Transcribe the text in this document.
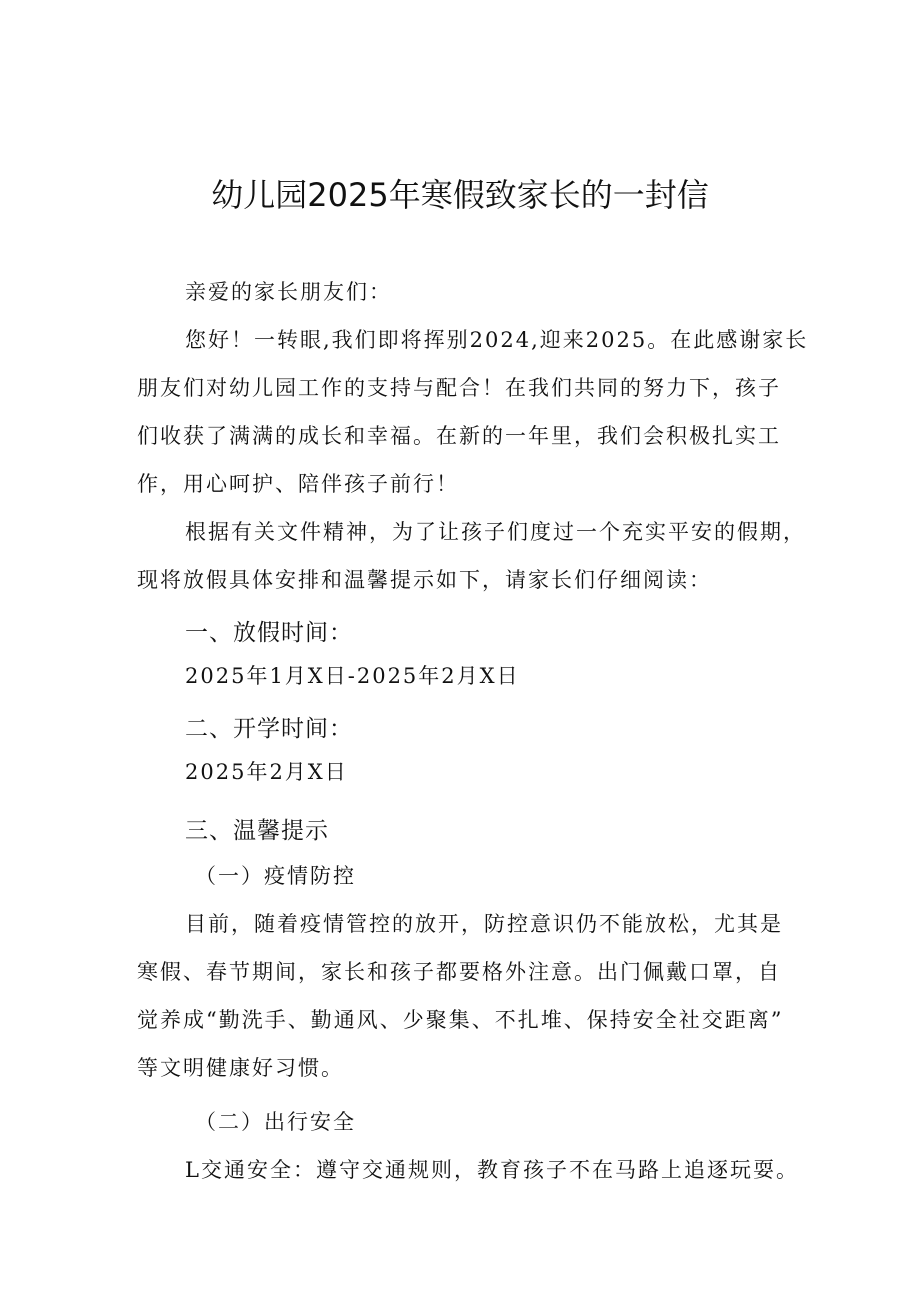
幼儿园2025年寒假致家长的一封信
亲爱的家长朋友们：
您好！一转眼,我们即将挥别2024,迎来2025。在此感谢家长
朋友们对幼儿园工作的支持与配合！在我们共同的努力下，孩子
们收获了满满的成长和幸福。在新的一年里，我们会积极扎实工
作，用心呵护、陪伴孩子前行！
根据有关文件精神，为了让孩子们度过一个充实平安的假期，
现将放假具体安排和温馨提示如下，请家长们仔细阅读：
一、放假时间：
2025年1月X日-2025年2月X日
二、开学时间：
2025年2月X日
三、温馨提示
（一）疫情防控
目前，随着疫情管控的放开，防控意识仍不能放松，尤其是
寒假、春节期间，家长和孩子都要格外注意。出门佩戴口罩，自
觉养成“勤洗手、勤通风、少聚集、不扎堆、保持安全社交距离”
等文明健康好习惯。
（二）出行安全
L交通安全：遵守交通规则，教育孩子不在马路上追逐玩耍。
